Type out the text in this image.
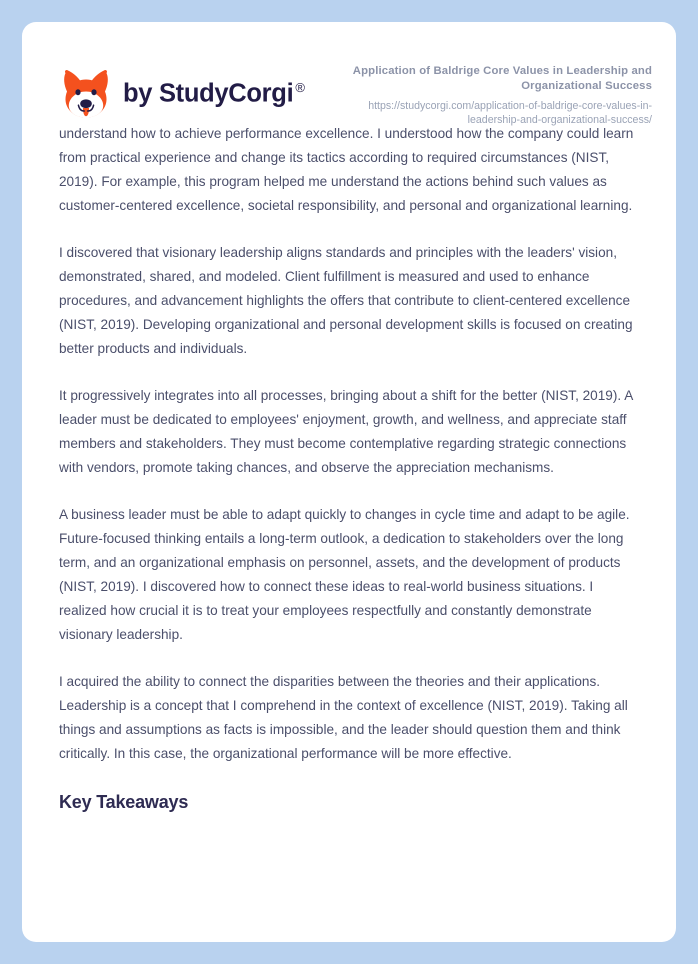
by StudyCorgi ®
Application of Baldrige Core Values in Leadership and Organizational Success
https://studycorgi.com/application-of-baldrige-core-values-in-leadership-and-organizational-success/

understand how to achieve performance excellence. I understood how the company could learn from practical experience and change its tactics according to required circumstances (NIST, 2019). For example, this program helped me understand the actions behind such values as customer-centered excellence, societal responsibility, and personal and organizational learning.

I discovered that visionary leadership aligns standards and principles with the leaders' vision, demonstrated, shared, and modeled. Client fulfillment is measured and used to enhance procedures, and advancement highlights the offers that contribute to client-centered excellence (NIST, 2019). Developing organizational and personal development skills is focused on creating better products and individuals.

It progressively integrates into all processes, bringing about a shift for the better (NIST, 2019). A leader must be dedicated to employees' enjoyment, growth, and wellness, and appreciate staff members and stakeholders. They must become contemplative regarding strategic connections with vendors, promote taking chances, and observe the appreciation mechanisms.

A business leader must be able to adapt quickly to changes in cycle time and adapt to be agile. Future-focused thinking entails a long-term outlook, a dedication to stakeholders over the long term, and an organizational emphasis on personnel, assets, and the development of products (NIST, 2019). I discovered how to connect these ideas to real-world business situations. I realized how crucial it is to treat your employees respectfully and constantly demonstrate visionary leadership.

I acquired the ability to connect the disparities between the theories and their applications. Leadership is a concept that I comprehend in the context of excellence (NIST, 2019). Taking all things and assumptions as facts is impossible, and the leader should question them and think critically. In this case, the organizational performance will be more effective.

Key Takeaways
